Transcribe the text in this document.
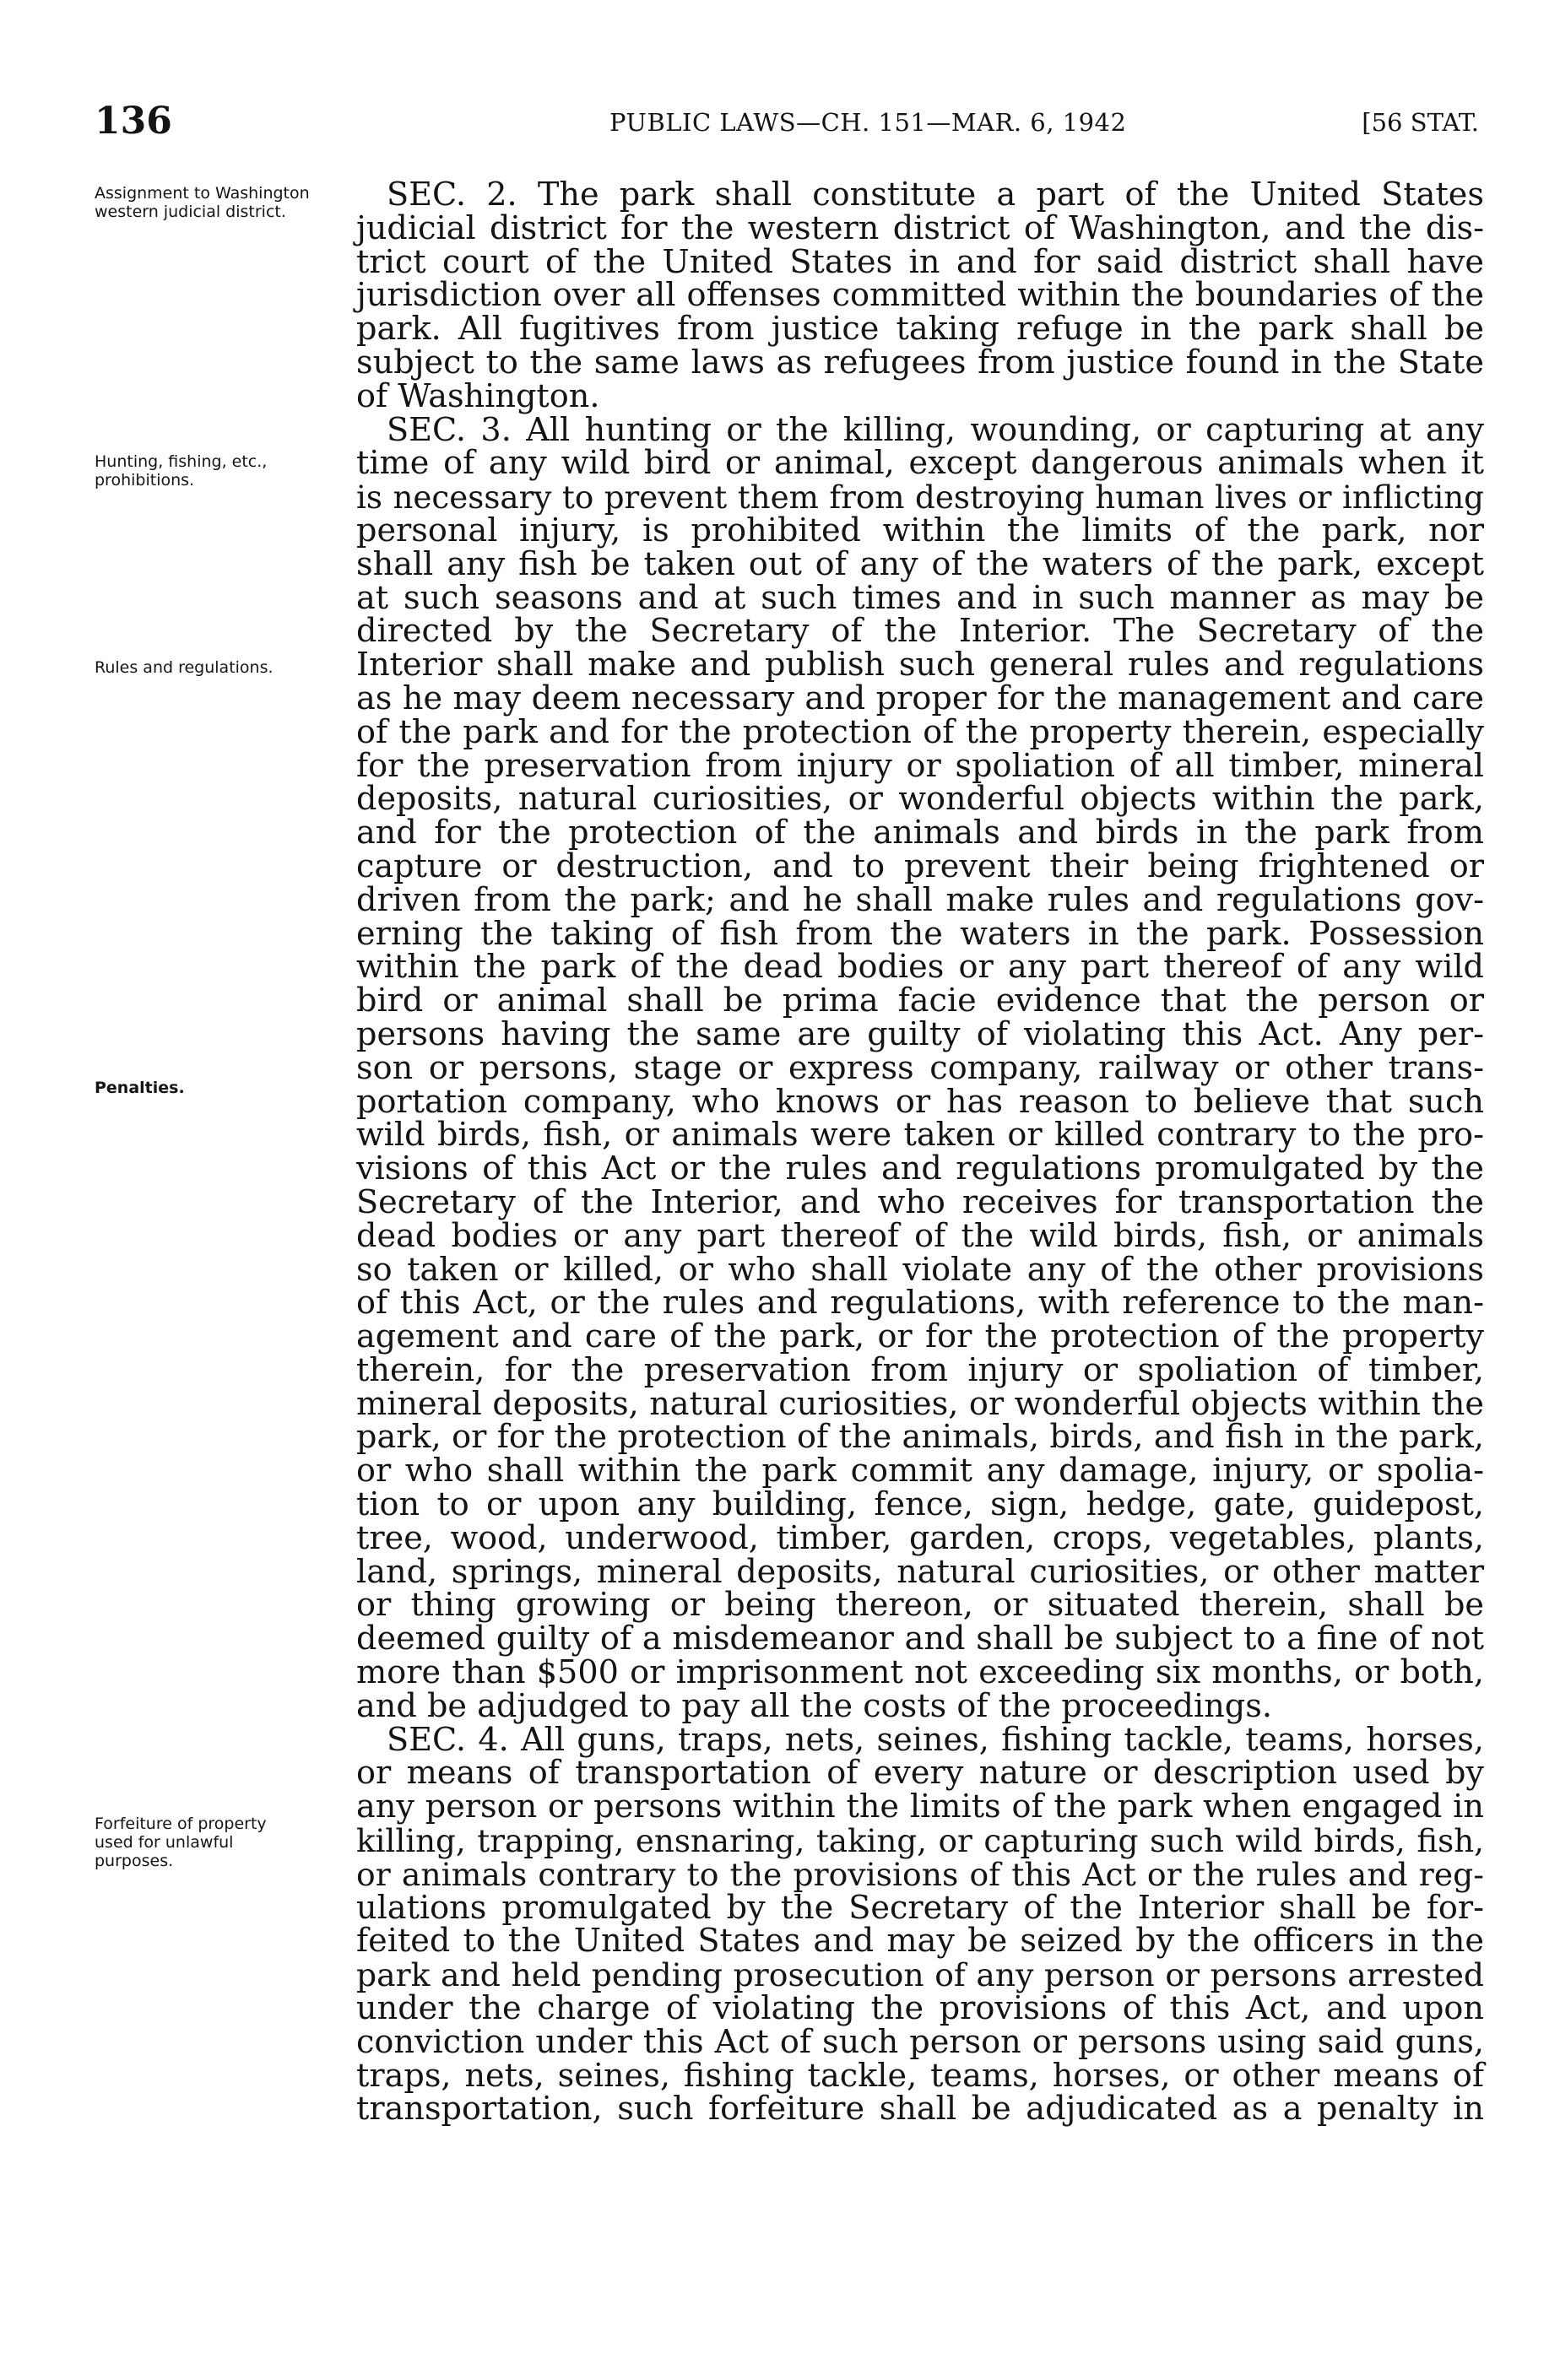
136	PUBLIC LAWS—CH. 151—MAR. 6, 1942	[56 STAT.
Assignment to Washington western judicial district.
Hunting, fishing, etc., prohibitions.
Rules and regulations.
Penalties.
Forfeiture of property used for unlawful purposes.
SEC. 2. The park shall constitute a part of the United States
judicial district for the western district of Washington, and the dis-
trict court of the United States in and for said district shall have
jurisdiction over all offenses committed within the boundaries of the
park. All fugitives from justice taking refuge in the park shall be
subject to the same laws as refugees from justice found in the State
of Washington.
SEC. 3. All hunting or the killing, wounding, or capturing at any
time of any wild bird or animal, except dangerous animals when it
is necessary to prevent them from destroying human lives or inflicting
personal injury, is prohibited within the limits of the park, nor
shall any fish be taken out of any of the waters of the park, except
at such seasons and at such times and in such manner as may be
directed by the Secretary of the Interior. The Secretary of the
Interior shall make and publish such general rules and regulations
as he may deem necessary and proper for the management and care
of the park and for the protection of the property therein, especially
for the preservation from injury or spoliation of all timber, mineral
deposits, natural curiosities, or wonderful objects within the park,
and for the protection of the animals and birds in the park from
capture or destruction, and to prevent their being frightened or
driven from the park; and he shall make rules and regulations gov-
erning the taking of fish from the waters in the park. Possession
within the park of the dead bodies or any part thereof of any wild
bird or animal shall be prima facie evidence that the person or
persons having the same are guilty of violating this Act. Any per-
son or persons, stage or express company, railway or other trans-
portation company, who knows or has reason to believe that such
wild birds, fish, or animals were taken or killed contrary to the pro-
visions of this Act or the rules and regulations promulgated by the
Secretary of the Interior, and who receives for transportation the
dead bodies or any part thereof of the wild birds, fish, or animals
so taken or killed, or who shall violate any of the other provisions
of this Act, or the rules and regulations, with reference to the man-
agement and care of the park, or for the protection of the property
therein, for the preservation from injury or spoliation of timber,
mineral deposits, natural curiosities, or wonderful objects within the
park, or for the protection of the animals, birds, and fish in the park,
or who shall within the park commit any damage, injury, or spolia-
tion to or upon any building, fence, sign, hedge, gate, guidepost,
tree, wood, underwood, timber, garden, crops, vegetables, plants,
land, springs, mineral deposits, natural curiosities, or other matter
or thing growing or being thereon, or situated therein, shall be
deemed guilty of a misdemeanor and shall be subject to a fine of not
more than $500 or imprisonment not exceeding six months, or both,
and be adjudged to pay all the costs of the proceedings.
SEC. 4. All guns, traps, nets, seines, fishing tackle, teams, horses,
or means of transportation of every nature or description used by
any person or persons within the limits of the park when engaged in
killing, trapping, ensnaring, taking, or capturing such wild birds, fish,
or animals contrary to the provisions of this Act or the rules and reg-
ulations promulgated by the Secretary of the Interior shall be for-
feited to the United States and may be seized by the officers in the
park and held pending prosecution of any person or persons arrested
under the charge of violating the provisions of this Act, and upon
conviction under this Act of such person or persons using said guns,
traps, nets, seines, fishing tackle, teams, horses, or other means of
transportation, such forfeiture shall be adjudicated as a penalty in
